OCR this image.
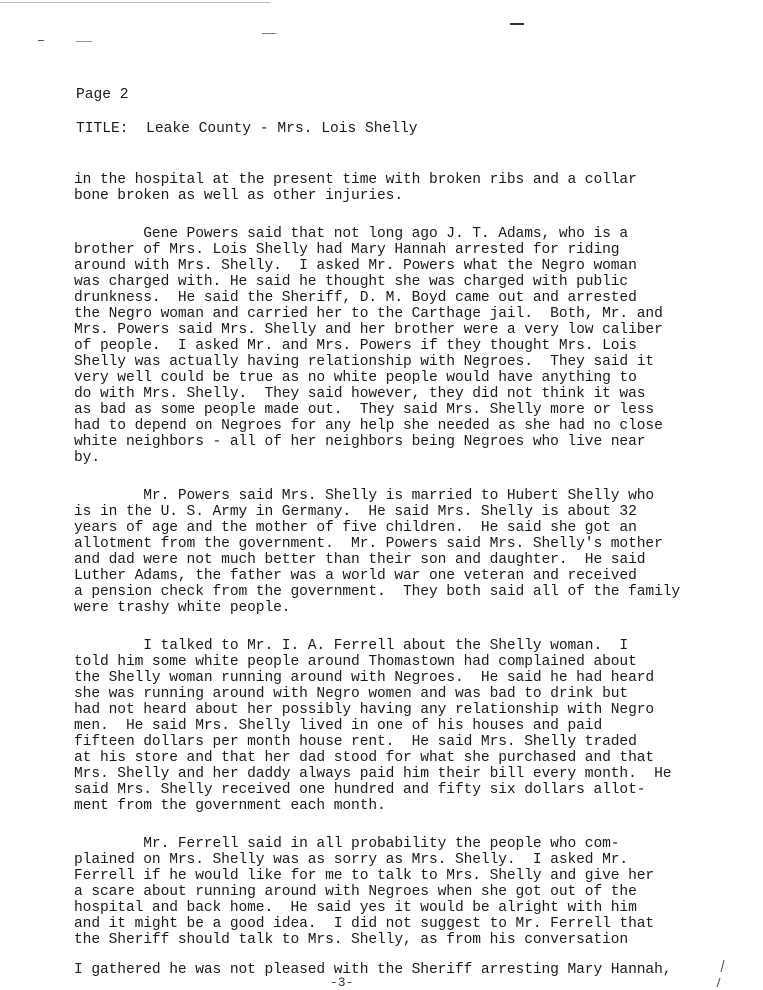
Page 2
TITLE:  Leake County - Mrs. Lois Shelly
in the hospital at the present time with broken ribs and a collar
bone broken as well as other injuries.
Gene Powers said that not long ago J. T. Adams, who is a
brother of Mrs. Lois Shelly had Mary Hannah arrested for riding
around with Mrs. Shelly.  I asked Mr. Powers what the Negro woman
was charged with. He said he thought she was charged with public
drunkness.  He said the Sheriff, D. M. Boyd came out and arrested
the Negro woman and carried her to the Carthage jail.  Both, Mr. and
Mrs. Powers said Mrs. Shelly and her brother were a very low caliber
of people.  I asked Mr. and Mrs. Powers if they thought Mrs. Lois
Shelly was actually having relationship with Negroes.  They said it
very well could be true as no white people would have anything to
do with Mrs. Shelly.  They said however, they did not think it was
as bad as some people made out.  They said Mrs. Shelly more or less
had to depend on Negroes for any help she needed as she had no close
white neighbors - all of her neighbors being Negroes who live near
by.
Mr. Powers said Mrs. Shelly is married to Hubert Shelly who
is in the U. S. Army in Germany.  He said Mrs. Shelly is about 32
years of age and the mother of five children.  He said she got an
allotment from the government.  Mr. Powers said Mrs. Shelly's mother
and dad were not much better than their son and daughter.  He said
Luther Adams, the father was a world war one veteran and received
a pension check from the government.  They both said all of the family
were trashy white people.
I talked to Mr. I. A. Ferrell about the Shelly woman.  I
told him some white people around Thomastown had complained about
the Shelly woman running around with Negroes.  He said he had heard
she was running around with Negro women and was bad to drink but
had not heard about her possibly having any relationship with Negro
men.  He said Mrs. Shelly lived in one of his houses and paid
fifteen dollars per month house rent.  He said Mrs. Shelly traded
at his store and that her dad stood for what she purchased and that
Mrs. Shelly and her daddy always paid him their bill every month.  He
said Mrs. Shelly received one hundred and fifty six dollars allot-
ment from the government each month.
Mr. Ferrell said in all probability the people who com-
plained on Mrs. Shelly was as sorry as Mrs. Shelly.  I asked Mr.
Ferrell if he would like for me to talk to Mrs. Shelly and give her
a scare about running around with Negroes when she got out of the
hospital and back home.  He said yes it would be alright with him
and it might be a good idea.  I did not suggest to Mr. Ferrell that
the Sheriff should talk to Mrs. Shelly, as from his conversation
I gathered he was not pleased with the Sheriff arresting Mary Hannah,
-3-
